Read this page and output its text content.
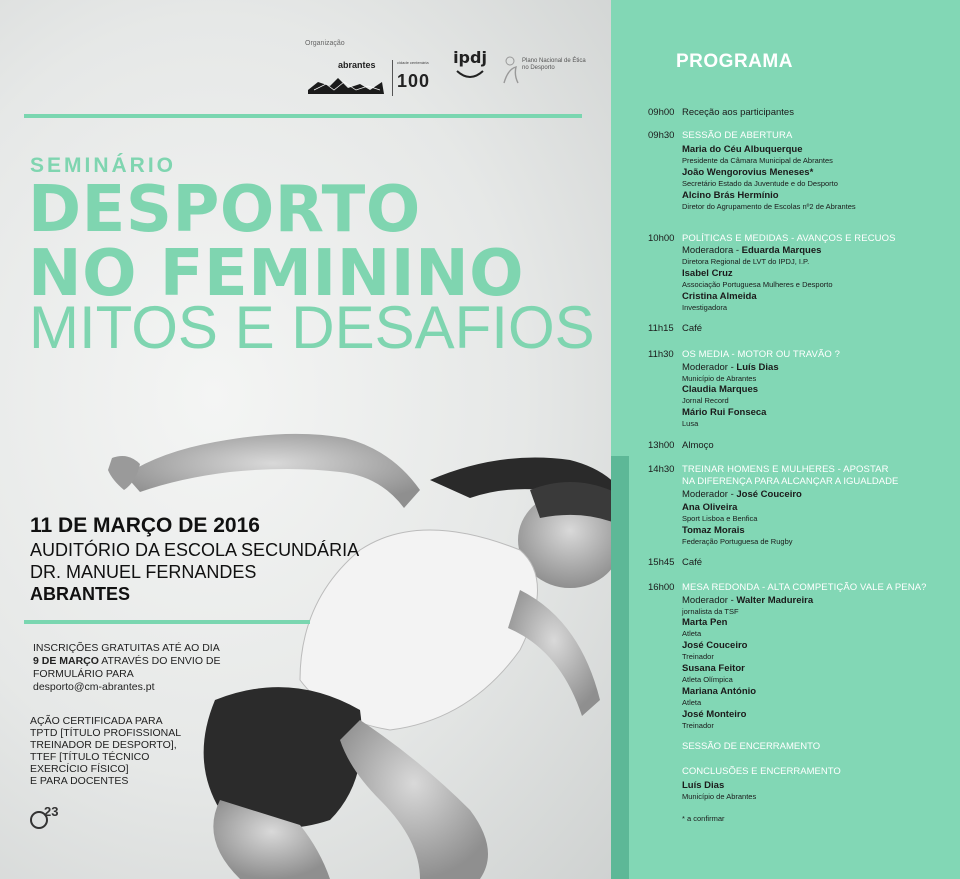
Organização
abrantes	cidade centenária
100
ipdj	Plano Nacional de Ética no Desporto
SEMINÁRIO
DESPORTO
NO FEMININO
MITOS E DESAFIOS
11 DE MARÇO DE 2016
AUDITÓRIO DA ESCOLA SECUNDÁRIA
DR. MANUEL FERNANDES
ABRANTES
INSCRIÇÕES GRATUITAS ATÉ AO DIA
9 DE MARÇO ATRAVÉS DO ENVIO DE
FORMULÁRIO PARA
desporto@cm-abrantes.pt
AÇÃO CERTIFICADA PARA
TPTD [TÍTULO PROFISSIONAL
TREINADOR DE DESPORTO],
TTEF [TÍTULO TÉCNICO
EXERCÍCIO FÍSICO]
E PARA DOCENTES
23
PROGRAMA
09h00 Receção aos participantes
09h30 SESSÃO DE ABERTURA
Maria do Céu Albuquerque
Presidente da Câmara Municipal de Abrantes
João Wengorovius Meneses*
Secretário Estado da Juventude e do Desporto
Alcino Brás Hermínio
Diretor do Agrupamento de Escolas nº2 de Abrantes
10h00 POLÍTICAS E MEDIDAS - AVANÇOS E RECUOS
Moderadora - Eduarda Marques
Diretora Regional de LVT do IPDJ, I.P.
Isabel Cruz
Associação Portuguesa Mulheres e Desporto
Cristina Almeida
Investigadora
11h15 Café
11h30 OS MEDIA - MOTOR OU TRAVÃO ?
Moderador - Luís Dias
Município de Abrantes
Claudia Marques
Jornal Record
Mário Rui Fonseca
Lusa
13h00 Almoço
14h30 TREINAR HOMENS E MULHERES - APOSTAR
NA DIFERENÇA PARA ALCANÇAR A IGUALDADE
Moderador - José Couceiro
Ana Oliveira
Sport Lisboa e Benfica
Tomaz Morais
Federação Portuguesa de Rugby
15h45 Café
16h00 MESA REDONDA - ALTA COMPETIÇÃO VALE A PENA?
Moderador - Walter Madureira
jornalista da TSF
Marta Pen
Atleta
José Couceiro
Treinador
Susana Feitor
Atleta Olímpica
Mariana António
Atleta
José Monteiro
Treinador
SESSÃO DE ENCERRAMENTO
CONCLUSÕES E ENCERRAMENTO
Luís Dias
Município de Abrantes
* a confirmar
